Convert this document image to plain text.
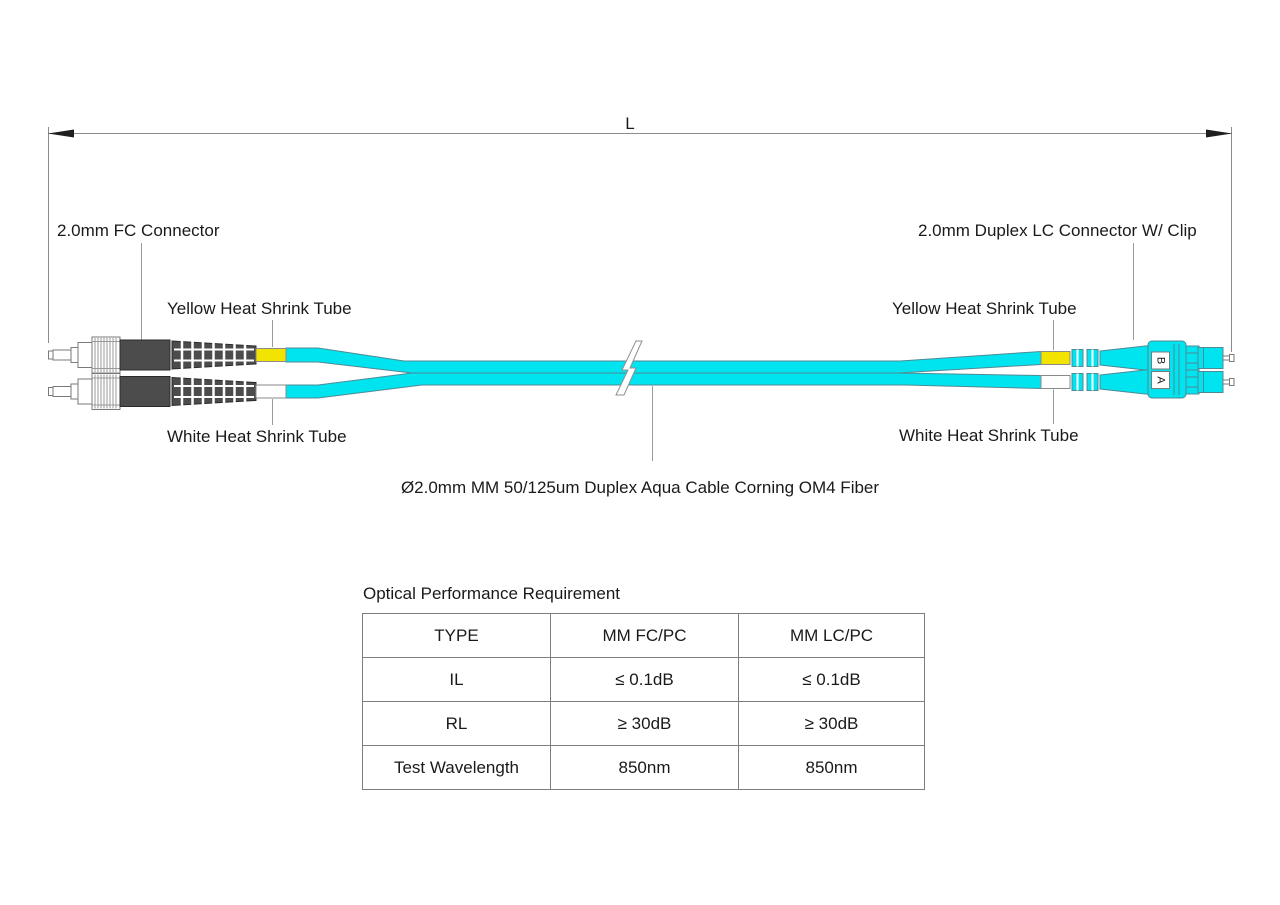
L
B
A
2.0mm FC Connector
Yellow Heat Shrink Tube
White Heat Shrink Tube
2.0mm Duplex LC Connector W/ Clip
Yellow Heat Shrink Tube
White Heat Shrink Tube
Ø2.0mm MM 50/125um Duplex Aqua Cable Corning OM4 Fiber
Optical Performance Requirement
TYPE	MM FC/PC	MM LC/PC
IL	≤ 0.1dB	≤ 0.1dB
RL	≥ 30dB	≥ 30dB
Test Wavelength	850nm	850nm
